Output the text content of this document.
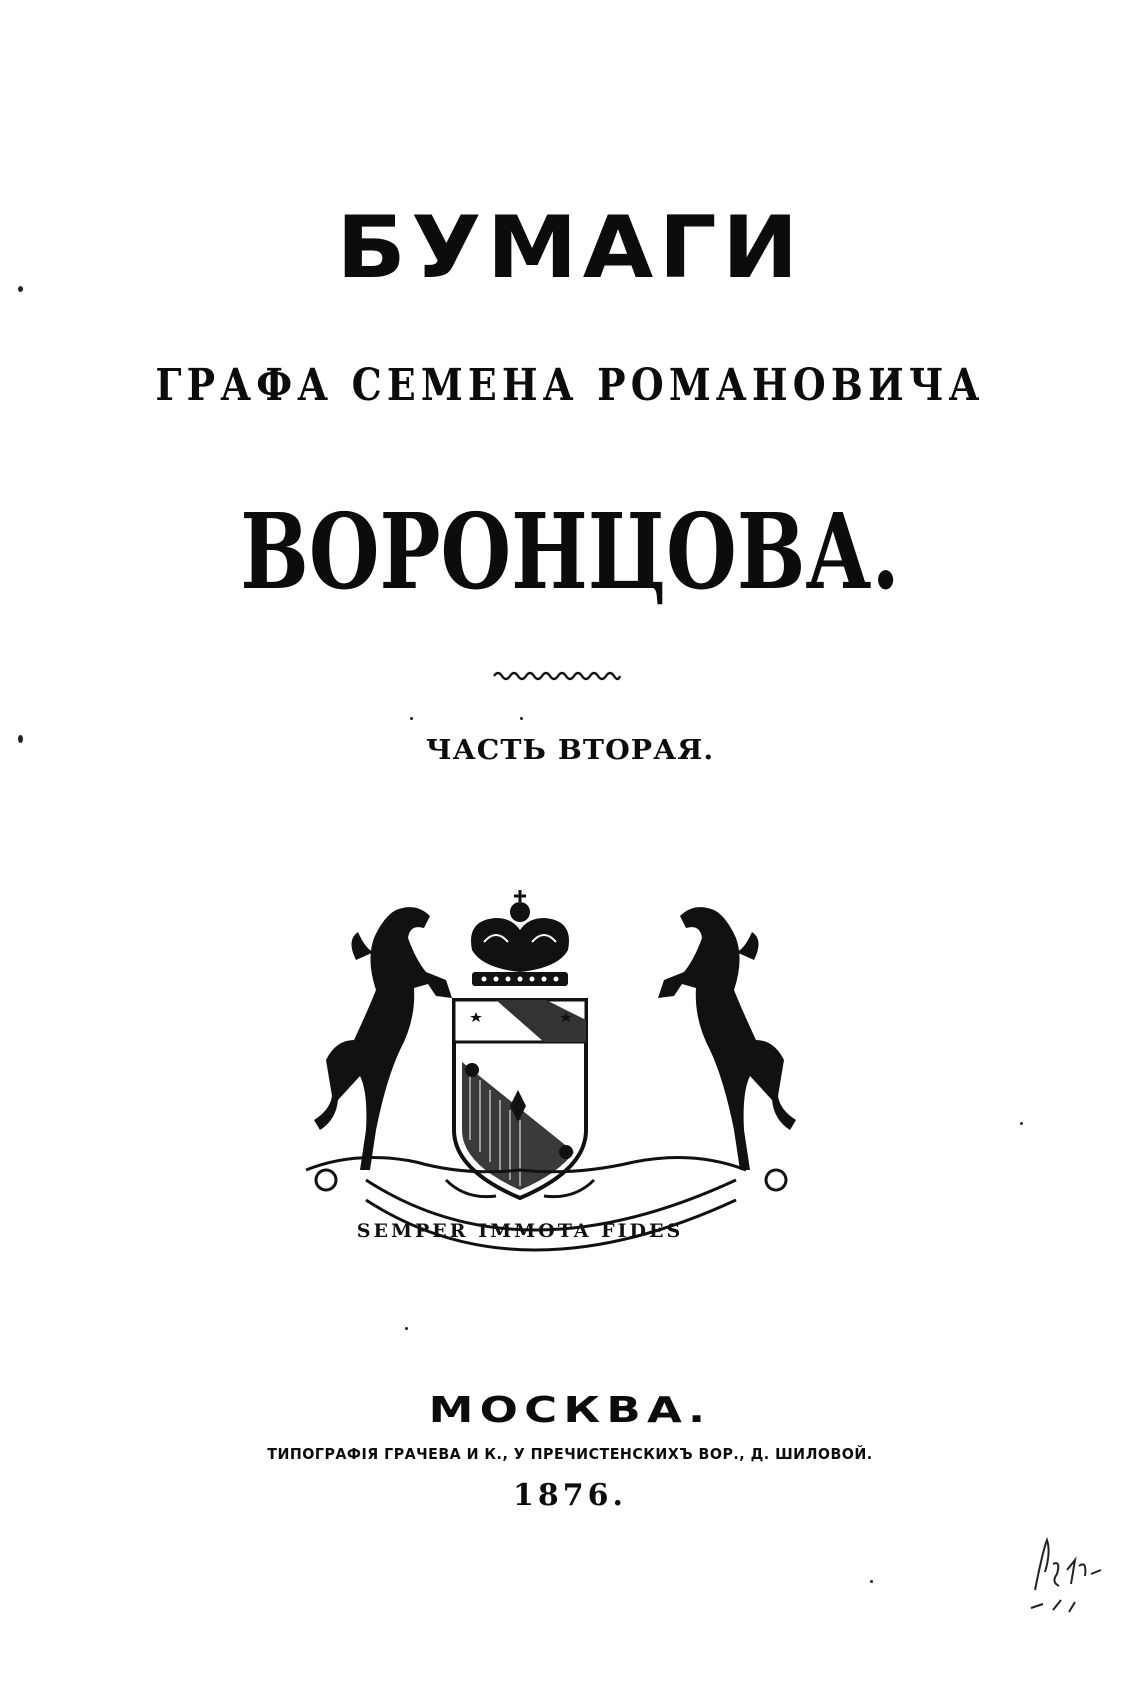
БУМАГИ
ГРАФА СЕМЕНА РОМАНОВИЧА
ВОРОНЦОВА.
ЧАСТЬ ВТОРАЯ.
SEMPER IMMOTA FIDES
МОСКВА.
ТИПОГРАФІЯ ГРАЧЕВА И К., У ПРЕЧИСТЕНСКИХЪ ВОР., Д. ШИЛОВОЙ.
1876.
